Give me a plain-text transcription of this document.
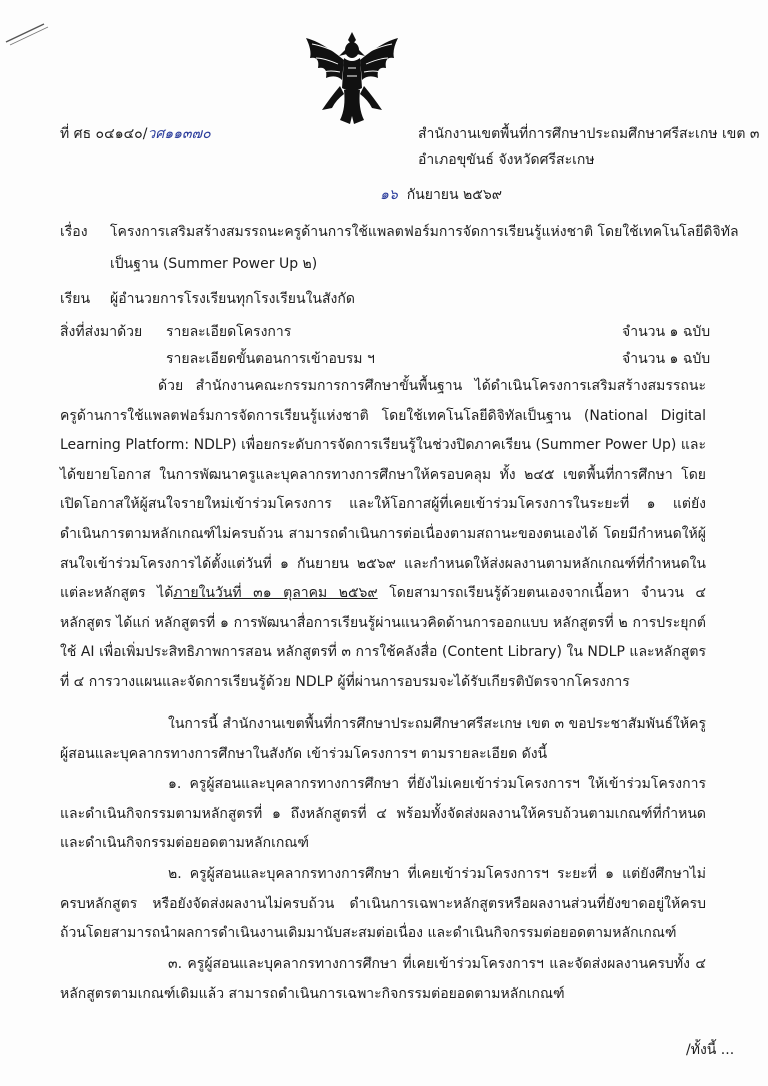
ที่ ศธ ๐๔๑๔๐/วศ๑๑๓๗๐	สำนักงานเขตพื้นที่การศึกษาประถมศึกษาศรีสะเกษ เขต ๓
อำเภอขุขันธ์ จังหวัดศรีสะเกษ
๑๖ กันยายน ๒๕๖๙
เรื่อง โครงการเสริมสร้างสมรรถนะครูด้านการใช้แพลตฟอร์มการจัดการเรียนรู้แห่งชาติ โดยใช้เทคโนโลยีดิจิทัล
เป็นฐาน (Summer Power Up ๒)
เรียน ผู้อำนวยการโรงเรียนทุกโรงเรียนในสังกัด
สิ่งที่ส่งมาด้วย รายละเอียดโครงการ	จำนวน ๑ ฉบับ
รายละเอียดขั้นตอนการเข้าอบรม ฯ	จำนวน ๑ ฉบับ
ด้วย สำนักงานคณะกรรมการการศึกษาขั้นพื้นฐาน ได้ดำเนินโครงการเสริมสร้างสมรรถนะครูด้านการใช้แพลตฟอร์มการจัดการเรียนรู้แห่งชาติ โดยใช้เทคโนโลยีดิจิทัลเป็นฐาน (National Digital Learning Platform: NDLP) เพื่อยกระดับการจัดการเรียนรู้ในช่วงปิดภาคเรียน (Summer Power Up) และได้ขยายโอกาส ในการพัฒนาครูและบุคลากรทางการศึกษาให้ครอบคลุม ทั้ง ๒๔๕ เขตพื้นที่การศึกษา โดยเปิดโอกาสให้ผู้สนใจรายใหม่เข้าร่วมโครงการ และให้โอกาสผู้ที่เคยเข้าร่วมโครงการในระยะที่ ๑ แต่ยังดำเนินการตามหลักเกณฑ์ไม่ครบถ้วน สามารถดำเนินการต่อเนื่องตามสถานะของตนเองได้ โดยมีกำหนดให้ผู้สนใจเข้าร่วมโครงการได้ตั้งแต่วันที่ ๑ กันยายน ๒๕๖๙ และกำหนดให้ส่งผลงานตามหลักเกณฑ์ที่กำหนดในแต่ละหลักสูตร ได้ภายในวันที่ ๓๑ ตุลาคม ๒๕๖๙ โดยสามารถเรียนรู้ด้วยตนเองจากเนื้อหา จำนวน ๔ หลักสูตร ได้แก่ หลักสูตรที่ ๑ การพัฒนาสื่อการเรียนรู้ผ่านแนวคิดด้านการออกแบบ หลักสูตรที่ ๒ การประยุกต์ใช้ AI เพื่อเพิ่มประสิทธิภาพการสอน หลักสูตรที่ ๓ การใช้คลังสื่อ (Content Library) ใน NDLP และหลักสูตรที่ ๔ การวางแผนและจัดการเรียนรู้ด้วย NDLP ผู้ที่ผ่านการอบรมจะได้รับเกียรติบัตรจากโครงการ
ในการนี้ สำนักงานเขตพื้นที่การศึกษาประถมศึกษาศรีสะเกษ เขต ๓ ขอประชาสัมพันธ์ให้ครูผู้สอนและบุคลากรทางการศึกษาในสังกัด เข้าร่วมโครงการฯ ตามรายละเอียด ดังนี้
๑. ครูผู้สอนและบุคลากรทางการศึกษา ที่ยังไม่เคยเข้าร่วมโครงการฯ ให้เข้าร่วมโครงการและดำเนินกิจกรรมตามหลักสูตรที่ ๑ ถึงหลักสูตรที่ ๔ พร้อมทั้งจัดส่งผลงานให้ครบถ้วนตามเกณฑ์ที่กำหนด และดำเนินกิจกรรมต่อยอดตามหลักเกณฑ์
๒. ครูผู้สอนและบุคลากรทางการศึกษา ที่เคยเข้าร่วมโครงการฯ ระยะที่ ๑ แต่ยังศึกษาไม่ครบหลักสูตร หรือยังจัดส่งผลงานไม่ครบถ้วน ดำเนินการเฉพาะหลักสูตรหรือผลงานส่วนที่ยังขาดอยู่ให้ครบถ้วนโดยสามารถนำผลการดำเนินงานเดิมมานับสะสมต่อเนื่อง และดำเนินกิจกรรมต่อยอดตามหลักเกณฑ์
๓. ครูผู้สอนและบุคลากรทางการศึกษา ที่เคยเข้าร่วมโครงการฯ และจัดส่งผลงานครบทั้ง ๔ หลักสูตรตามเกณฑ์เดิมแล้ว สามารถดำเนินการเฉพาะกิจกรรมต่อยอดตามหลักเกณฑ์
/ทั้งนี้ ...
